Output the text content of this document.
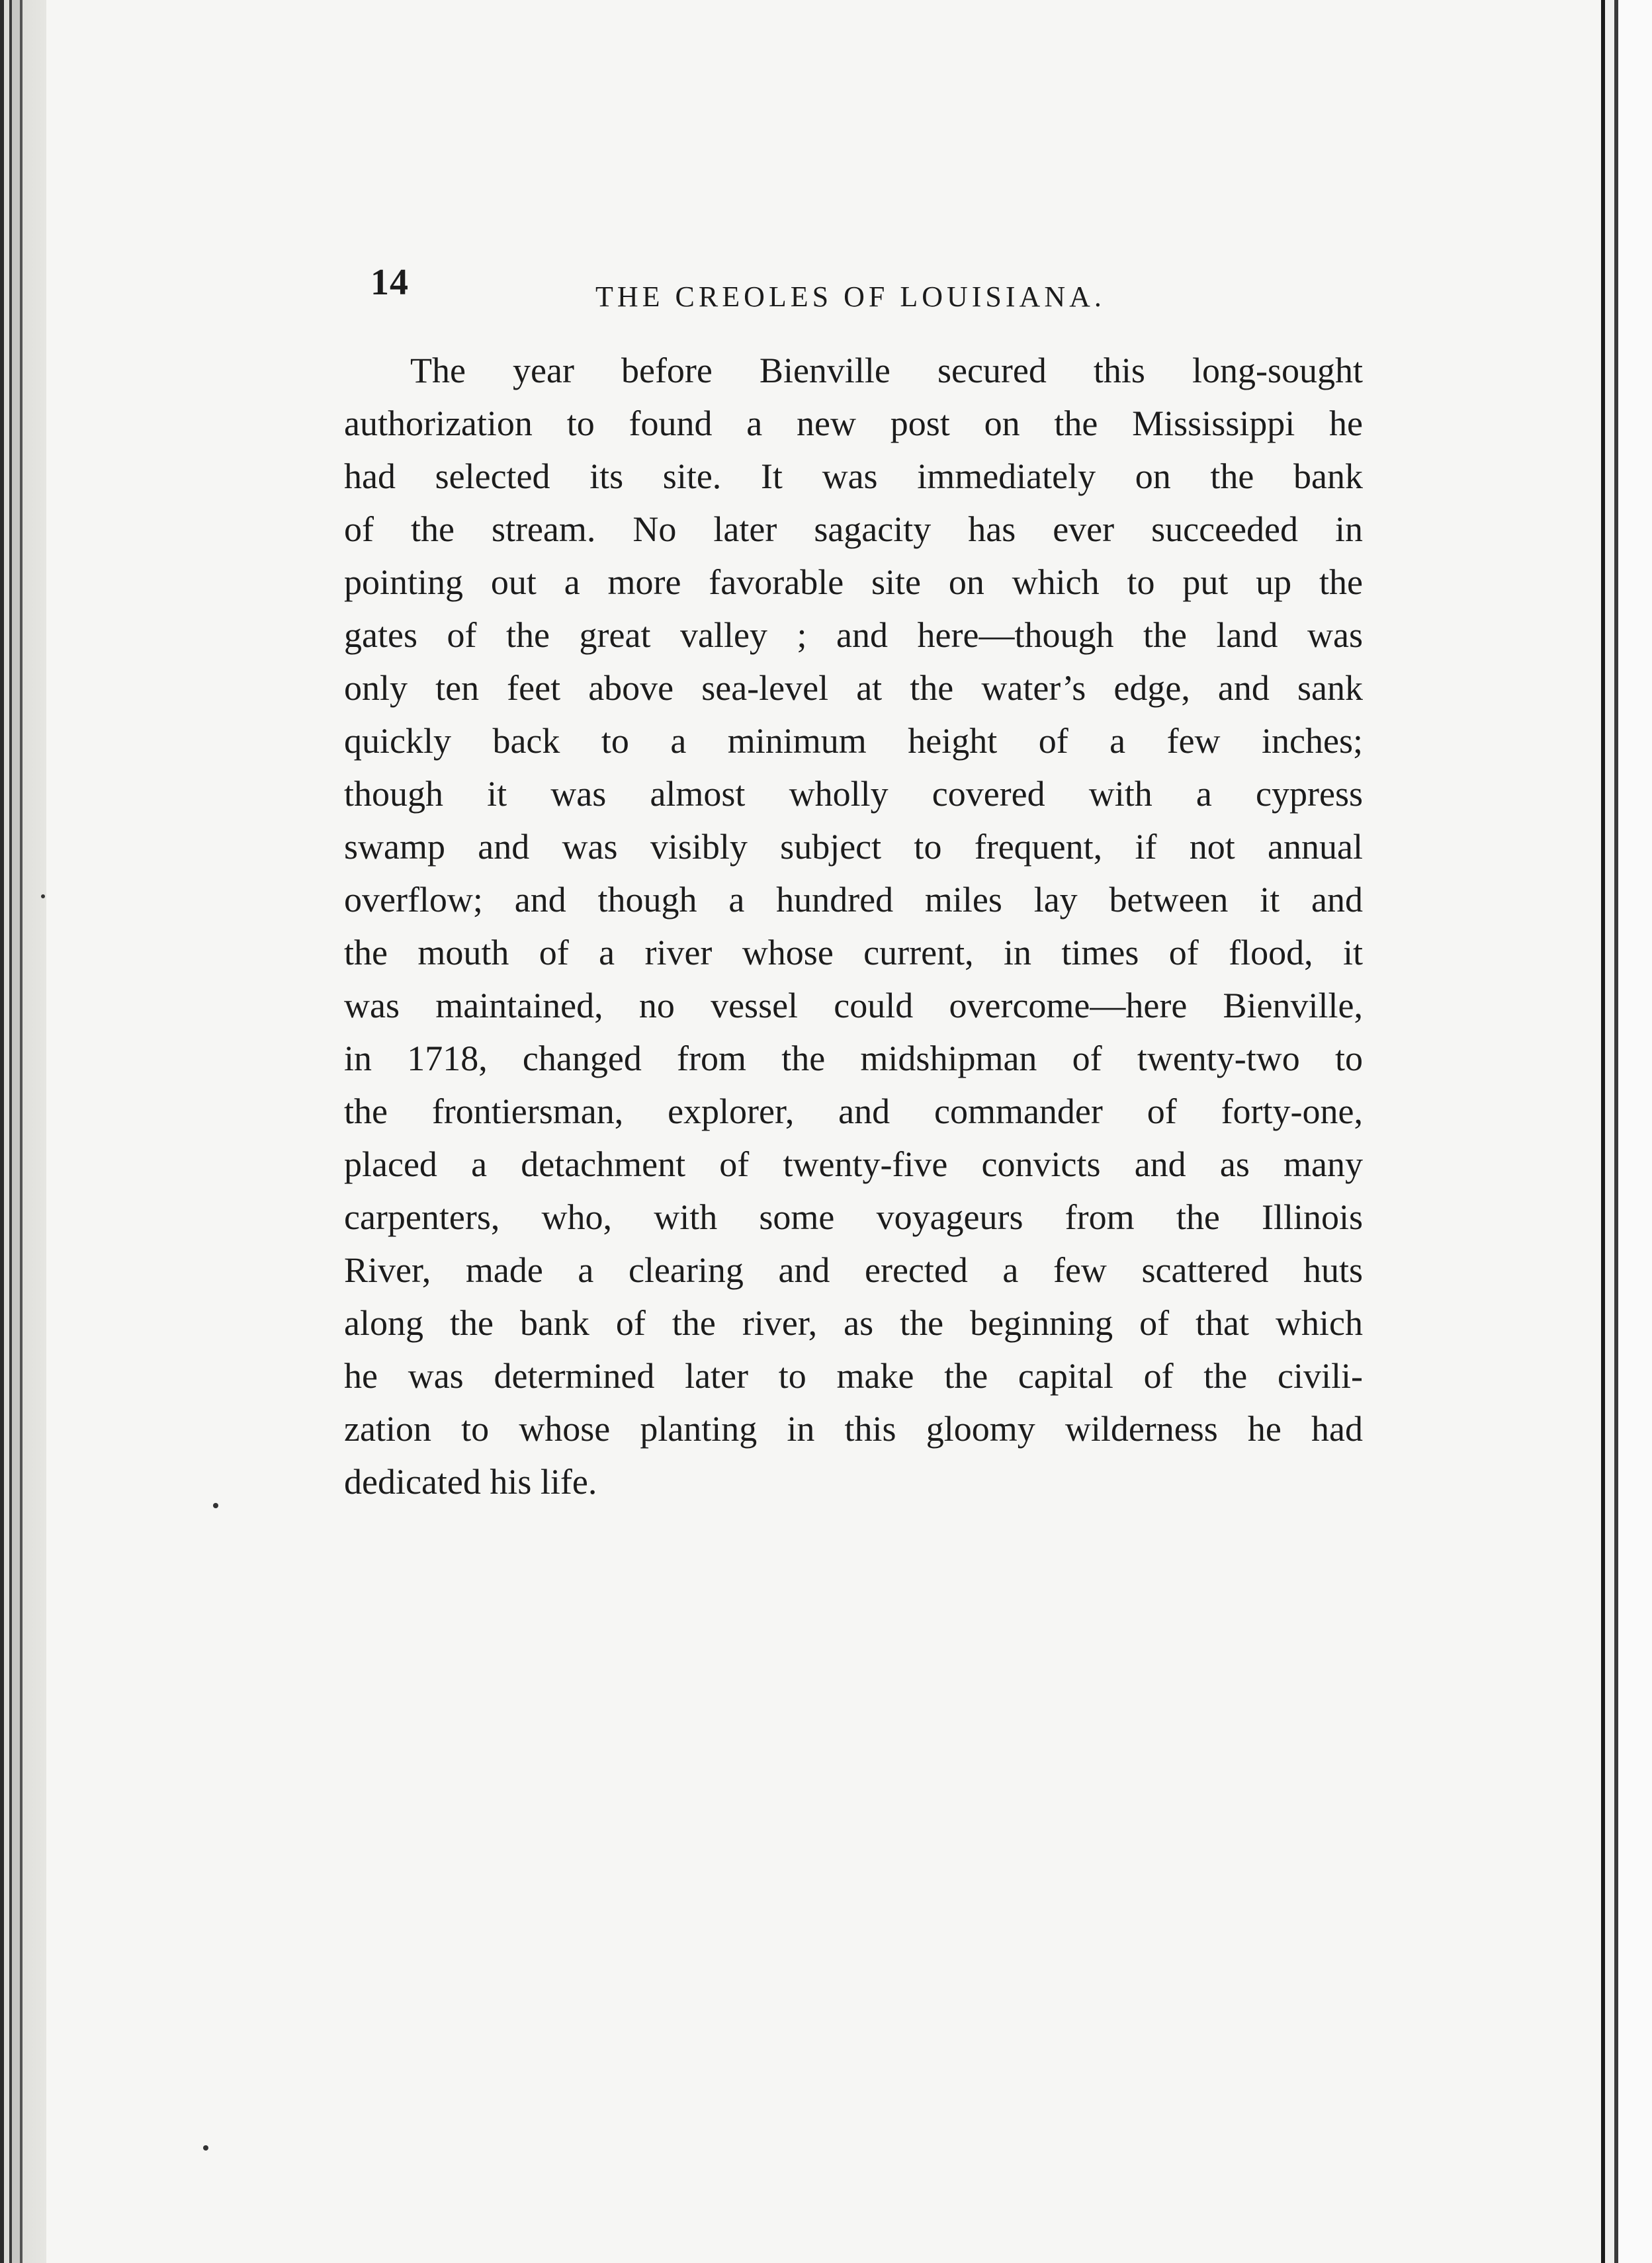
14	THE CREOLES OF LOUISIANA.
The year before Bienville secured this long-sought
authorization to found a new post on the Mississippi he
had selected its site. It was immediately on the bank
of the stream. No later sagacity has ever succeeded in
pointing out a more favorable site on which to put up the
gates of the great valley ; and here—though the land was
only ten feet above sea-level at the water’s edge, and sank
quickly back to a minimum height of a few inches;
though it was almost wholly covered with a cypress
swamp and was visibly subject to frequent, if not annual
overflow; and though a hundred miles lay between it and
the mouth of a river whose current, in times of flood, it
was maintained, no vessel could overcome—here Bienville,
in 1718, changed from the midshipman of twenty-two to
the frontiersman, explorer, and commander of forty-one,
placed a detachment of twenty-five convicts and as many
carpenters, who, with some voyageurs from the Illinois
River, made a clearing and erected a few scattered huts
along the bank of the river, as the beginning of that which
he was determined later to make the capital of the civili-
zation to whose planting in this gloomy wilderness he had
dedicated his life.
